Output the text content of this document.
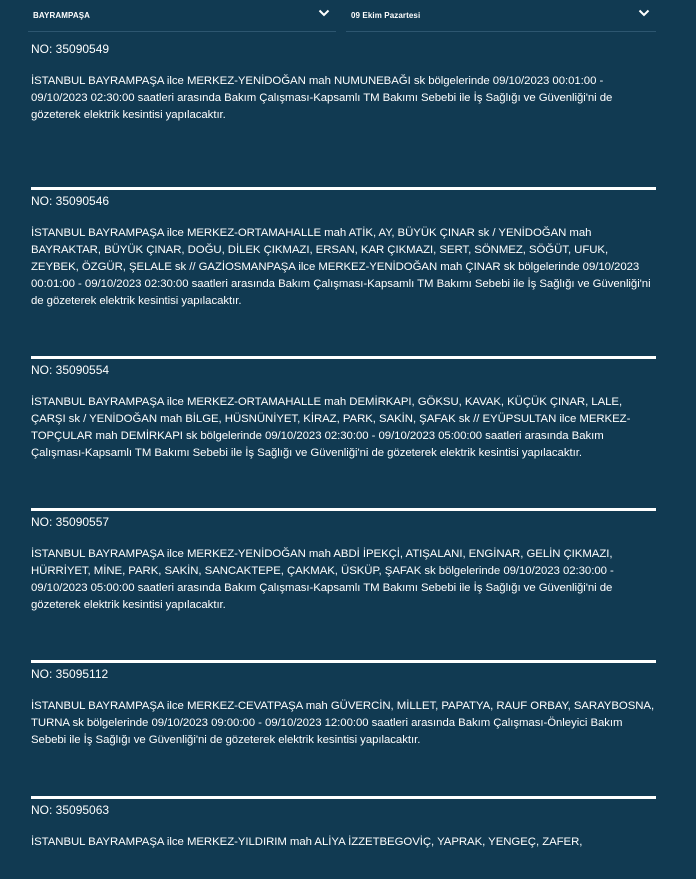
BAYRAMPAŞA	09 Ekim Pazartesi
NO: 35090549
İSTANBUL BAYRAMPAŞA ilce MERKEZ-YENİDOĞAN mah NUMUNEBAĞI sk bölgelerinde 09/10/2023 00:01:00 - 09/10/2023 02:30:00 saatleri arasında Bakım Çalışması-Kapsamlı TM Bakımı Sebebi ile İş Sağlığı ve Güvenliği'ni de gözeterek elektrik kesintisi yapılacaktır.
NO: 35090546
İSTANBUL BAYRAMPAŞA ilce MERKEZ-ORTAMAHALLE mah ATİK, AY, BÜYÜK ÇINAR sk / YENİDOĞAN mah BAYRAKTAR, BÜYÜK ÇINAR, DOĞU, DİLEK ÇIKMAZI, ERSAN, KAR ÇIKMAZI, SERT, SÖNMEZ, SÖĞÜT, UFUK, ZEYBEK, ÖZGÜR, ŞELALE sk // GAZİOSMANPAŞA ilce MERKEZ-YENİDOĞAN mah ÇINAR sk bölgelerinde 09/10/2023 00:01:00 - 09/10/2023 02:30:00 saatleri arasında Bakım Çalışması-Kapsamlı TM Bakımı Sebebi ile İş Sağlığı ve Güvenliği'ni de gözeterek elektrik kesintisi yapılacaktır.
NO: 35090554
İSTANBUL BAYRAMPAŞA ilce MERKEZ-ORTAMAHALLE mah DEMİRKAPI, GÖKSU, KAVAK, KÜÇÜK ÇINAR, LALE, ÇARŞI sk / YENİDOĞAN mah BİLGE, HÜSNÜNİYET, KİRAZ, PARK, SAKİN, ŞAFAK sk // EYÜPSULTAN ilce MERKEZ-TOPÇULAR mah DEMİRKAPI sk bölgelerinde 09/10/2023 02:30:00 - 09/10/2023 05:00:00 saatleri arasında Bakım Çalışması-Kapsamlı TM Bakımı Sebebi ile İş Sağlığı ve Güvenliği'ni de gözeterek elektrik kesintisi yapılacaktır.
NO: 35090557
İSTANBUL BAYRAMPAŞA ilce MERKEZ-YENİDOĞAN mah ABDİ İPEKÇİ, ATIŞALANI, ENGİNAR, GELİN ÇIKMAZI, HÜRRİYET, MİNE, PARK, SAKİN, SANCAKTEPE, ÇAKMAK, ÜSKÜP, ŞAFAK sk bölgelerinde 09/10/2023 02:30:00 - 09/10/2023 05:00:00 saatleri arasında Bakım Çalışması-Kapsamlı TM Bakımı Sebebi ile İş Sağlığı ve Güvenliği'ni de gözeterek elektrik kesintisi yapılacaktır.
NO: 35095112
İSTANBUL BAYRAMPAŞA ilce MERKEZ-CEVATPAŞA mah GÜVERCİN, MİLLET, PAPATYA, RAUF ORBAY, SARAYBOSNA, TURNA sk bölgelerinde 09/10/2023 09:00:00 - 09/10/2023 12:00:00 saatleri arasında Bakım Çalışması-Önleyici Bakım Sebebi ile İş Sağlığı ve Güvenliği'ni de gözeterek elektrik kesintisi yapılacaktır.
NO: 35095063
İSTANBUL BAYRAMPAŞA ilce MERKEZ-YILDIRIM mah ALİYA İZZETBEGOVİÇ, YAPRAK, YENGEÇ, ZAFER,
